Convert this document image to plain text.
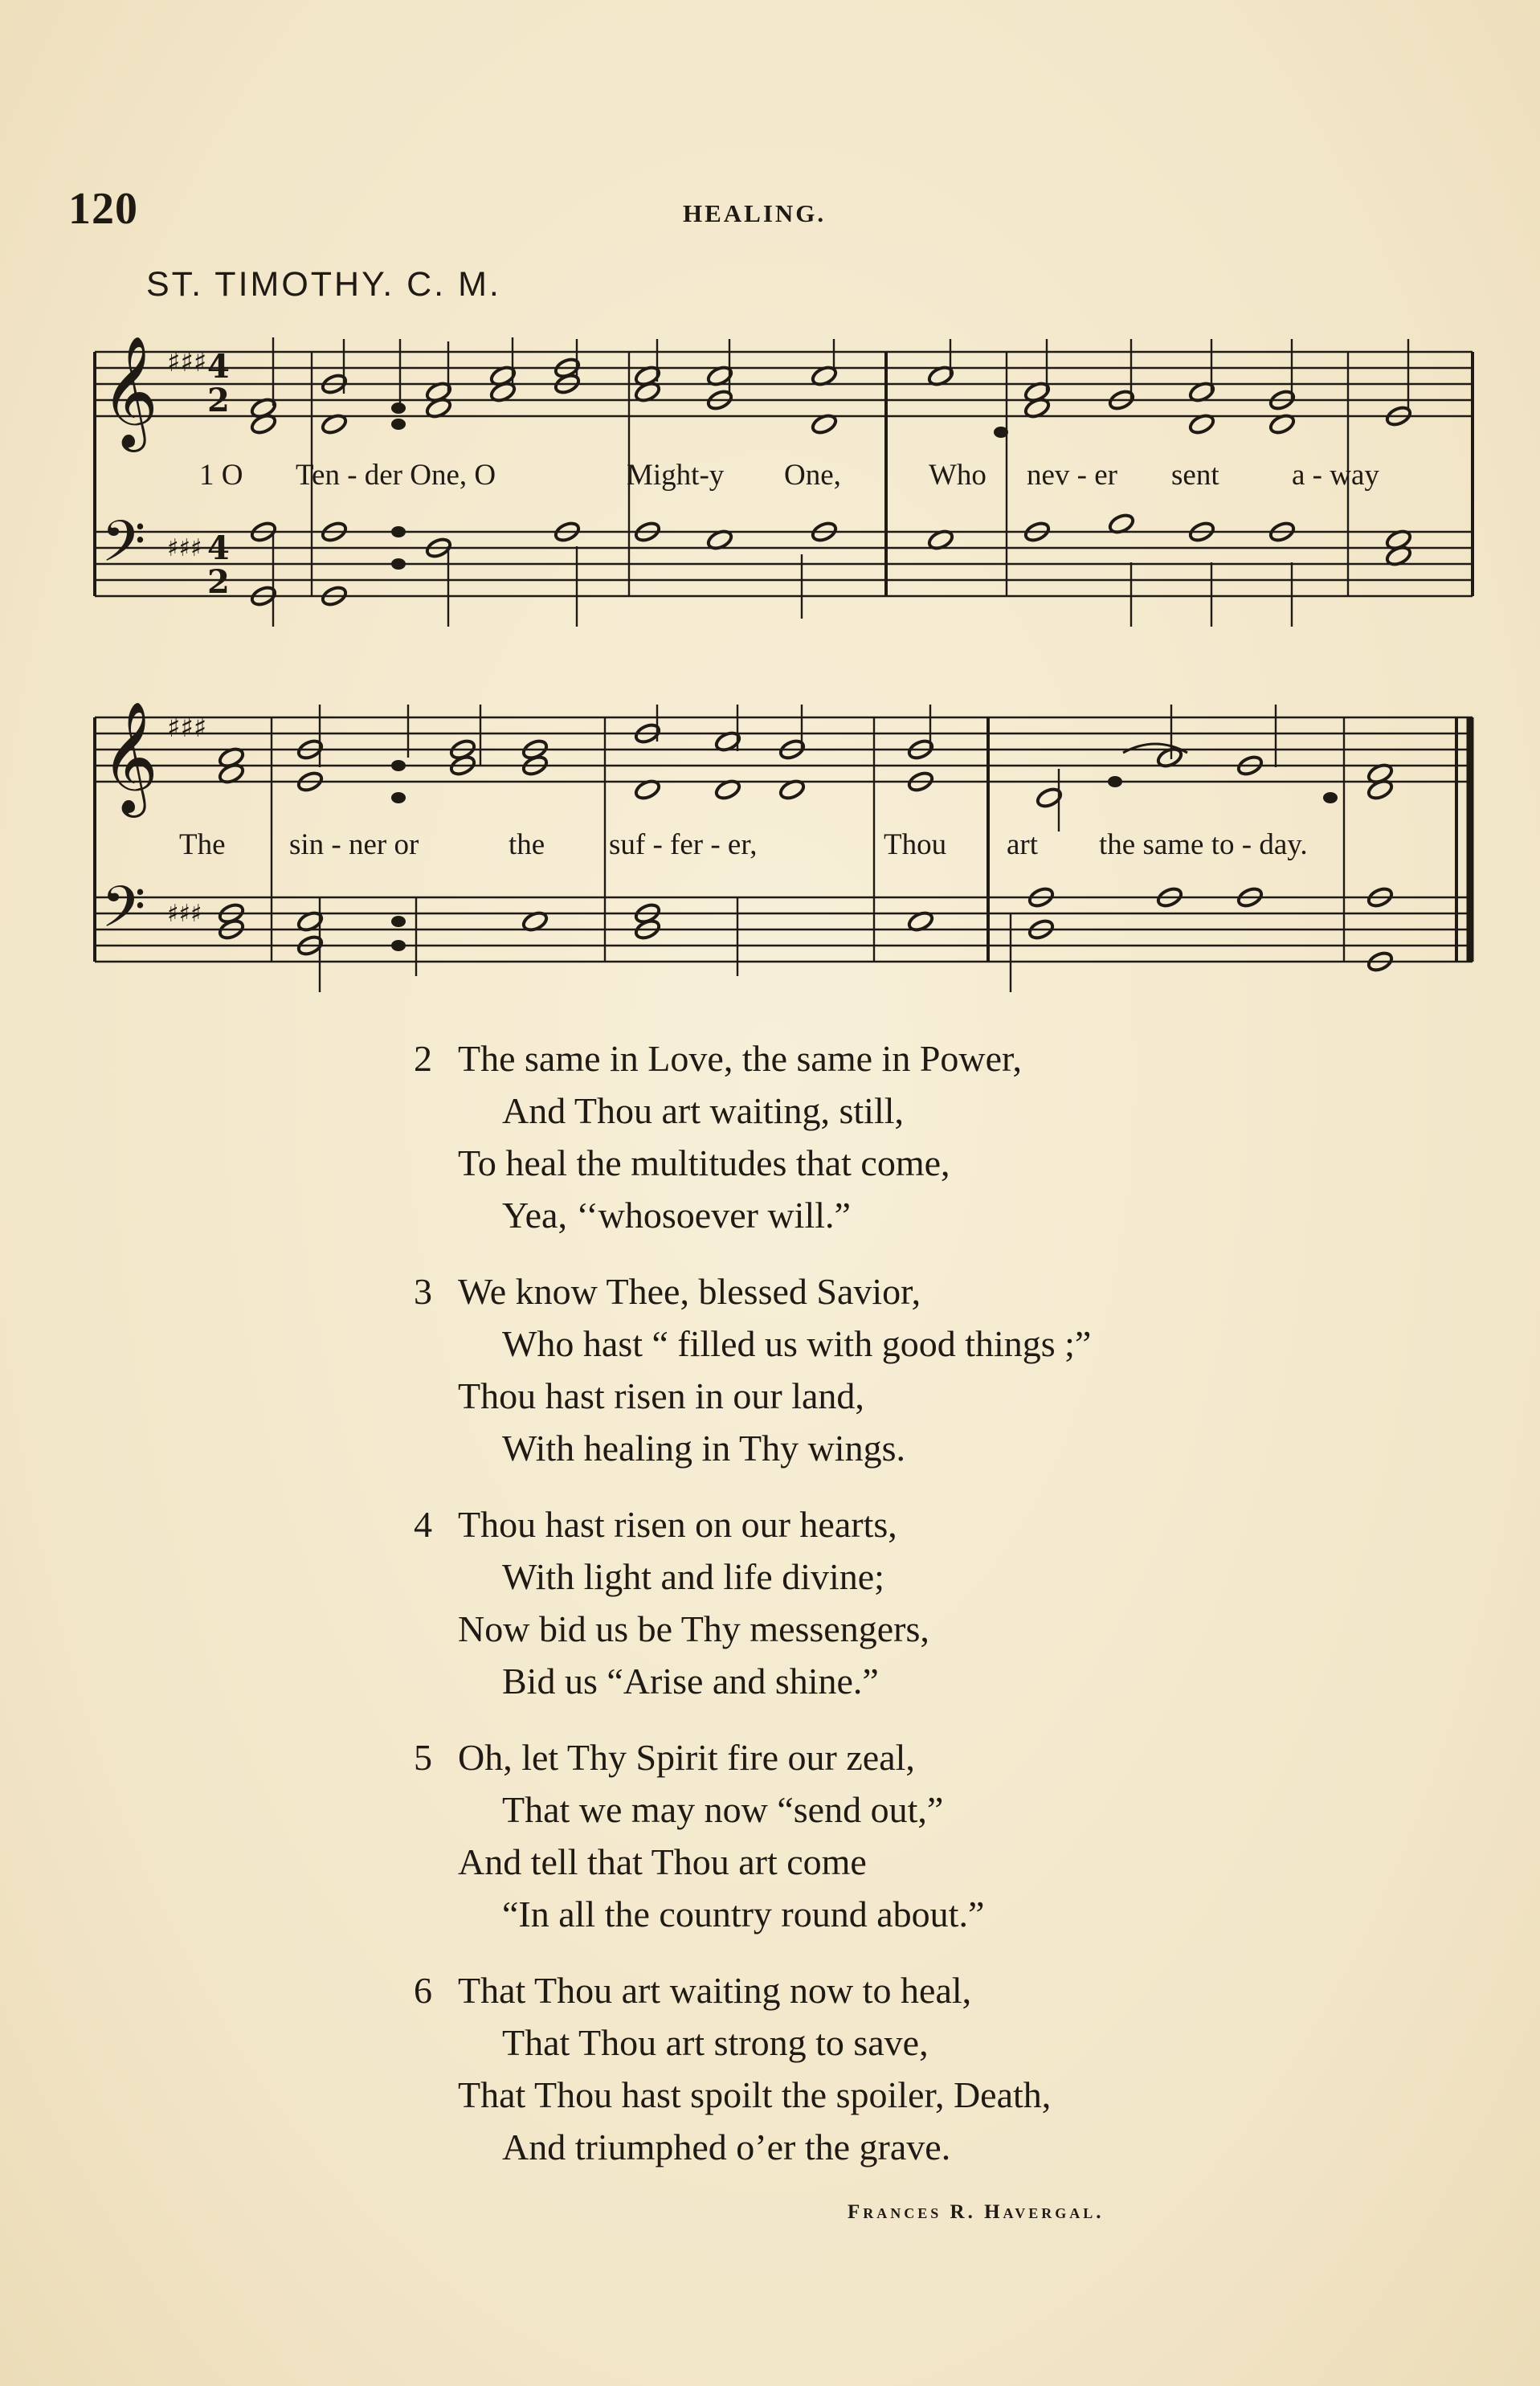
120	HEALING.
ST. TIMOTHY. C. M.
𝄞
𝄢
♯♯♯
♯♯♯
4
2
4
2
1 O Ten - der One, O	Might-y One,	Who nev - er sent a - way
𝄞
𝄢
♯♯♯
♯♯♯
The sin - ner or	the suf - fer - er,	Thou art the same to - day.
2 The same in Love, the same in Power,
And Thou art waiting, still,
To heal the multitudes that come,
Yea, ‘‘whosoever will.”
3 We know Thee, blessed Savior,
Who hast “ filled us with good things ;”
Thou hast risen in our land,
With healing in Thy wings.
4 Thou hast risen on our hearts,
With light and life divine;
Now bid us be Thy messengers,
Bid us “Arise and shine.”
5 Oh, let Thy Spirit fire our zeal,
That we may now “send out,”
And tell that Thou art come
“In all the country round about.”
6 That Thou art waiting now to heal,
That Thou art strong to save,
That Thou hast spoilt the spoiler, Death,
And triumphed o’er the grave.
Frances R. Havergal.
